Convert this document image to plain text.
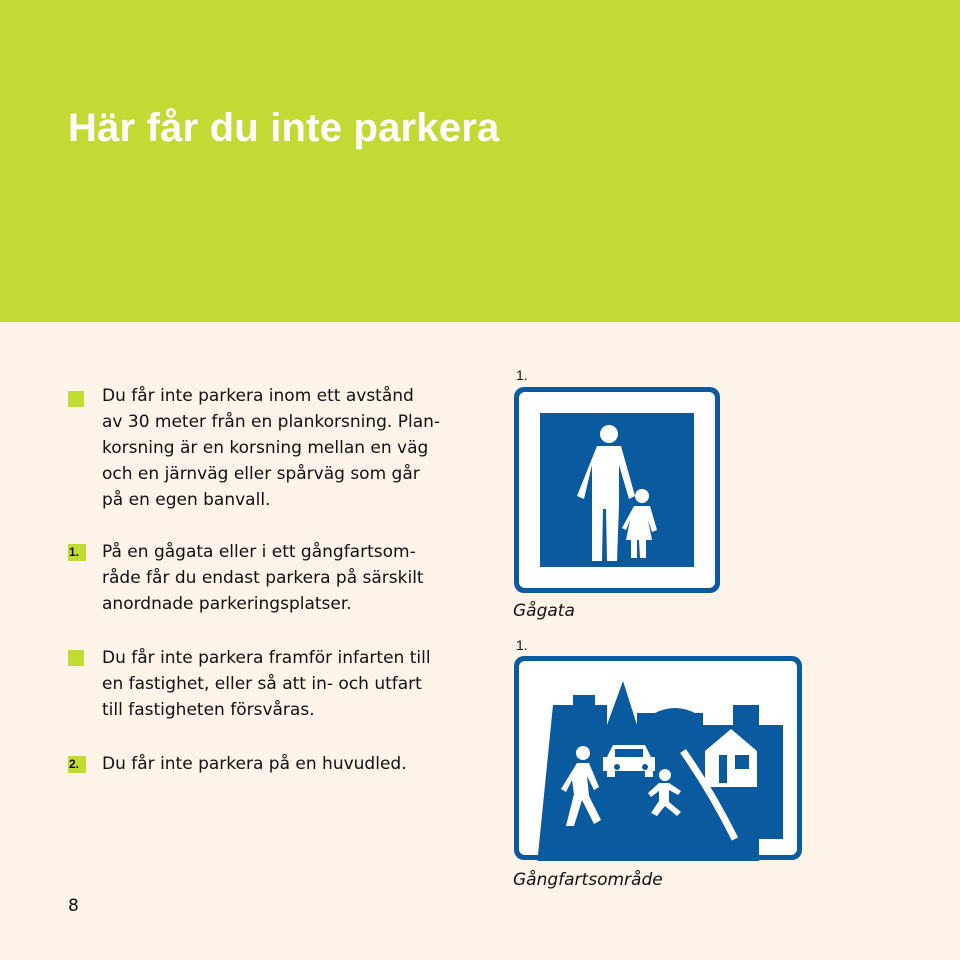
Här får du inte parkera

Du får inte parkera inom ett avstånd
av 30 meter från en plankorsning. Plan-
korsning är en korsning mellan en väg
och en järnväg eller spårväg som går
på en egen banvall.

1.	På en gågata eller i ett gångfartsom-
råde får du endast parkera på särskilt
anordnade parkeringsplatser.

Du får inte parkera framför infarten till
en fastighet, eller så att in- och utfart
till fastigheten försvåras.

2.	Du får inte parkera på en huvudled.

1.
Gågata
1.
Gångfartsområde
8
